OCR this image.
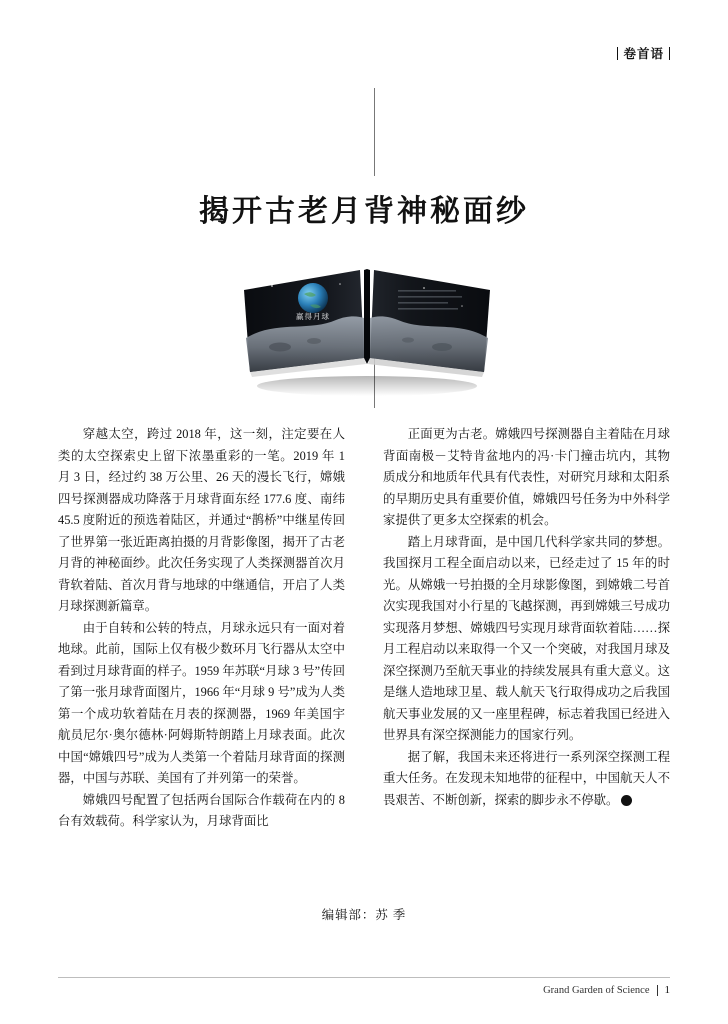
卷首语
揭开古老月背神秘面纱
赢得月球

穿越太空，跨过 2018 年，这一刻，注定要在人类的太空探索史上留下浓墨重彩的一笔。2019 年 1 月 3 日，经过约 38 万公里、26 天的漫长飞行，嫦娥四号探测器成功降落于月球背面东经 177.6 度、南纬 45.5 度附近的预选着陆区，并通过“鹊桥”中继星传回了世界第一张近距离拍摄的月背影像图，揭开了古老月背的神秘面纱。此次任务实现了人类探测器首次月背软着陆、首次月背与地球的中继通信，开启了人类月球探测新篇章。

由于自转和公转的特点，月球永远只有一面对着地球。此前，国际上仅有极少数环月飞行器从太空中看到过月球背面的样子。1959 年苏联“月球 3 号”传回了第一张月球背面图片，1966 年“月球 9 号”成为人类第一个成功软着陆在月表的探测器，1969 年美国宇航员尼尔·奥尔德林·阿姆斯特朗踏上月球表面。此次中国“嫦娥四号”成为人类第一个着陆月球背面的探测器，中国与苏联、美国有了并列第一的荣誉。

嫦娥四号配置了包括两台国际合作载荷在内的 8 台有效载荷。科学家认为，月球背面比

正面更为古老。嫦娥四号探测器自主着陆在月球背面南极－艾特肯盆地内的冯·卡门撞击坑内，其物质成分和地质年代具有代表性，对研究月球和太阳系的早期历史具有重要价值，嫦娥四号任务为中外科学家提供了更多太空探索的机会。

踏上月球背面，是中国几代科学家共同的梦想。我国探月工程全面启动以来，已经走过了 15 年的时光。从嫦娥一号拍摄的全月球影像图，到嫦娥二号首次实现我国对小行星的飞越探测，再到嫦娥三号成功实现落月梦想、嫦娥四号实现月球背面软着陆……探月工程启动以来取得一个又一个突破，对我国月球及深空探测乃至航天事业的持续发展具有重大意义。这是继人造地球卫星、载人航天飞行取得成功之后我国航天事业发展的又一座里程碑，标志着我国已经进入世界具有深空探测能力的国家行列。

据了解，我国未来还将进行一系列深空探测工程重大任务。在发现未知地带的征程中，中国航天人不畏艰苦、不断创新，探索的脚步永不停歇。	S

编辑部：苏 季
Grand Garden of Science 1
